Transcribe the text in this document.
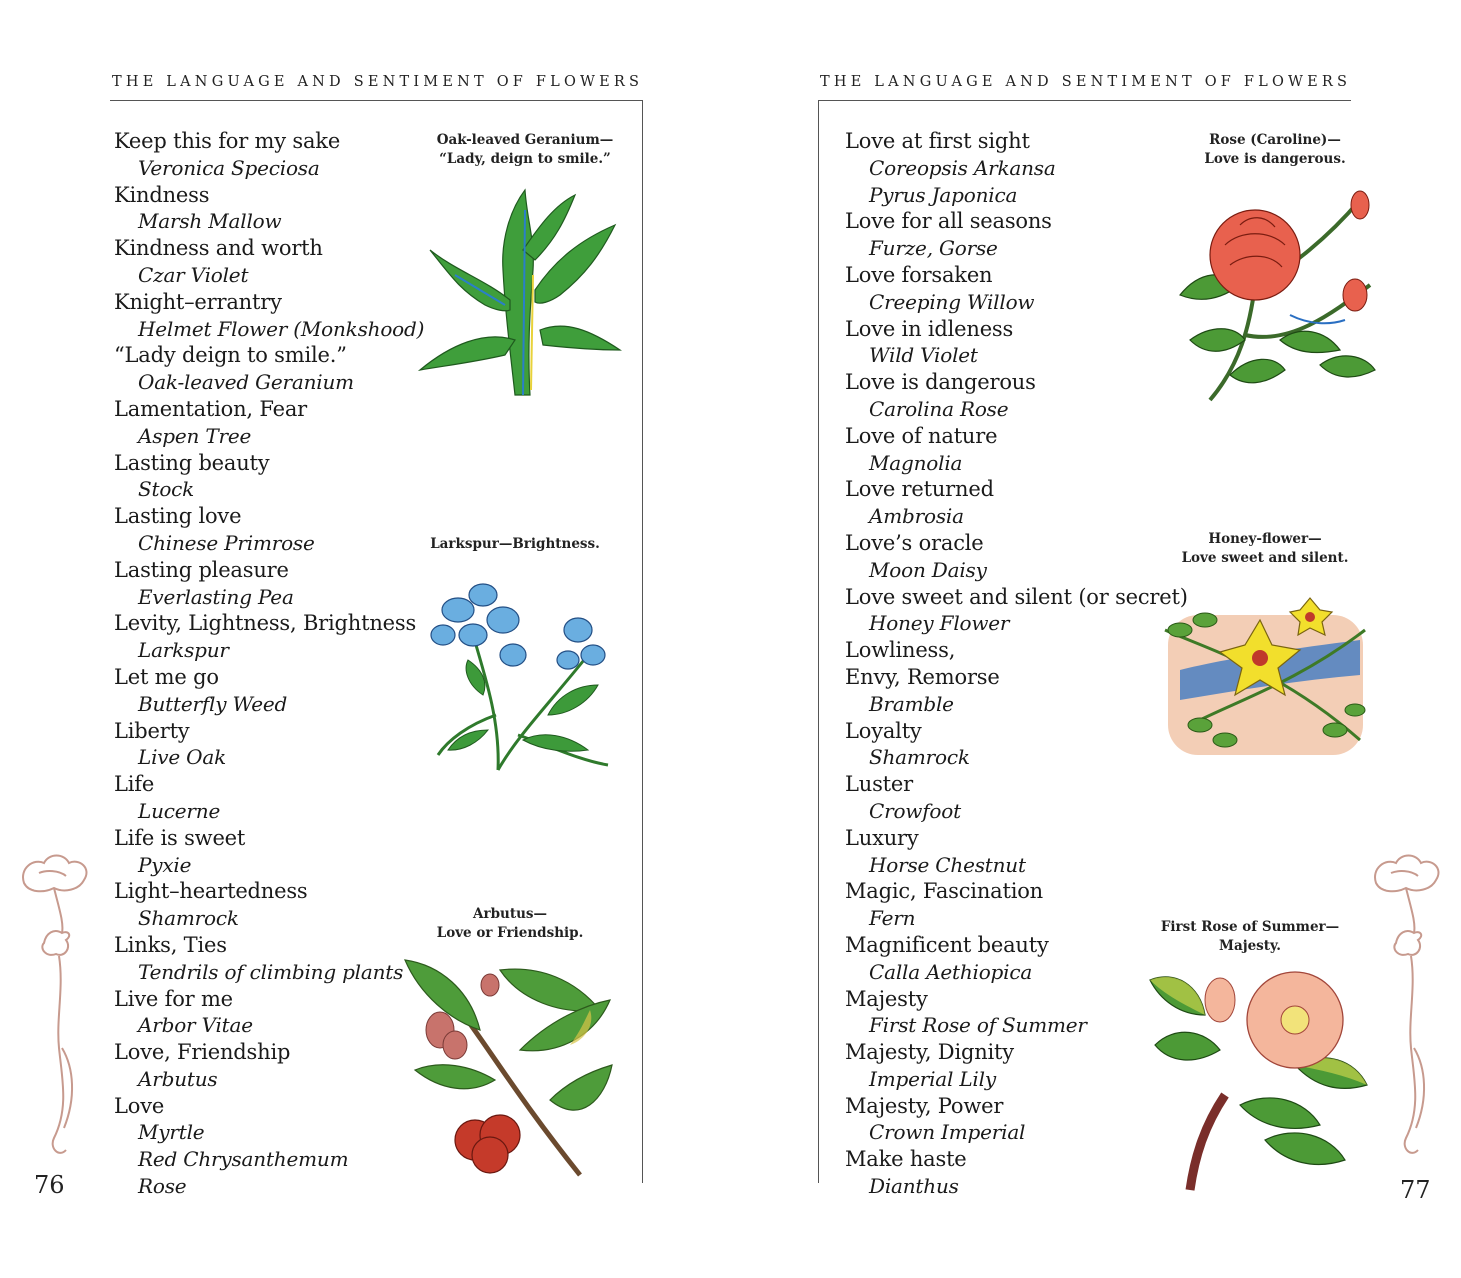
THE LANGUAGE AND SENTIMENT OF FLOWERS
Keep this for my sake
Veronica Speciosa
Kindness
Marsh Mallow
Kindness and worth
Czar Violet
Knight–errantry
Helmet Flower (Monkshood)
“Lady deign to smile.”
Oak-leaved Geranium
Lamentation, Fear
Aspen Tree
Lasting beauty
Stock
Lasting love
Chinese Primrose
Lasting pleasure
Everlasting Pea
Levity, Lightness, Brightness
Larkspur
Let me go
Butterfly Weed
Liberty
Live Oak
Life
Lucerne
Life is sweet
Pyxie
Light–heartedness
Shamrock
Links, Ties
Tendrils of climbing plants
Live for me
Arbor Vitae
Love, Friendship
Arbutus
Love
Myrtle
Red Chrysanthemum
Rose
Oak-leaved Geranium—
“Lady, deign to smile.”
Larkspur—Brightness.
Arbutus—
Love or Friendship.
76
THE LANGUAGE AND SENTIMENT OF FLOWERS
Love at first sight
Coreopsis Arkansa
Pyrus Japonica
Love for all seasons
Furze, Gorse
Love forsaken
Creeping Willow
Love in idleness
Wild Violet
Love is dangerous
Carolina Rose
Love of nature
Magnolia
Love returned
Ambrosia
Love’s oracle
Moon Daisy
Love sweet and silent (or secret)
Honey Flower
Lowliness,
Envy, Remorse
Bramble
Loyalty
Shamrock
Luster
Crowfoot
Luxury
Horse Chestnut
Magic, Fascination
Fern
Magnificent beauty
Calla Aethiopica
Majesty
First Rose of Summer
Majesty, Dignity
Imperial Lily
Majesty, Power
Crown Imperial
Make haste
Dianthus
Rose (Caroline)—
Love is dangerous.
Honey-flower—
Love sweet and silent.
First Rose of Summer—
Majesty.
77
